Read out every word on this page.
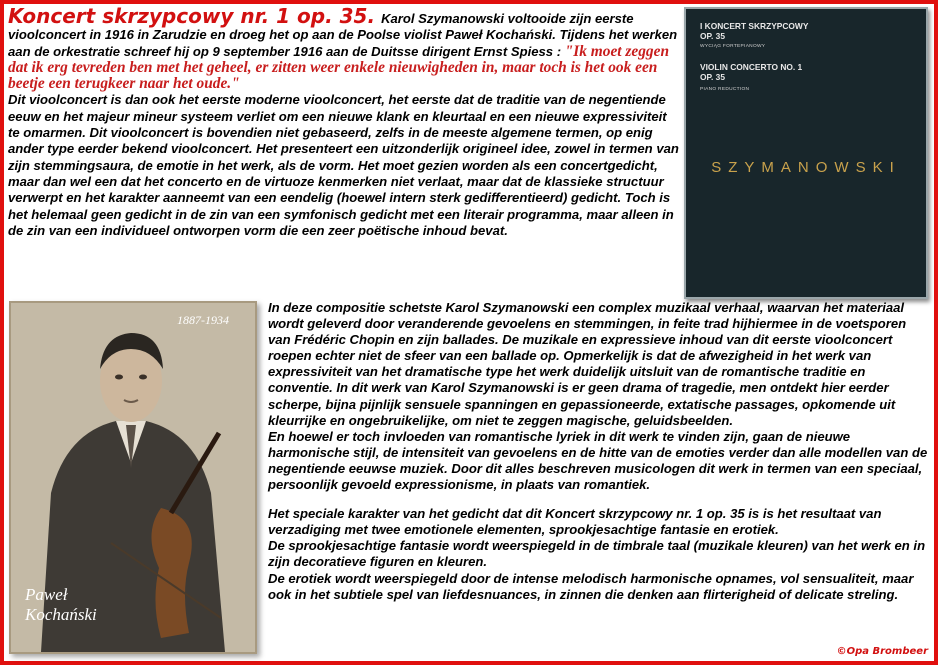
Koncert skrzypcowy nr. 1 op. 35. Karol Szymanowski voltooide zijn eerste vioolconcert in 1916 in Zarudzie en droeg het op aan de Poolse violist Paweł Kochański. Tijdens het werken aan de orkestratie schreef hij op 9 september 1916 aan de Duitsse dirigent Ernst Spiess : "Ik moet zeggen dat ik erg tevreden ben met het geheel, er zitten weer enkele nieuwigheden in, maar toch is het ook een beetje een terugkeer naar het oude."
Dit vioolconcert is dan ook het eerste moderne vioolconcert, het eerste dat de traditie van de negentiende eeuw en het majeur mineur systeem verliet om een nieuwe klank en kleurtaal en een nieuwe expressiviteit te omarmen. Dit vioolconcert is bovendien niet gebaseerd, zelfs in de meeste algemene termen, op enig ander type eerder bekend vioolconcert. Het presenteert een uitzonderlijk origineel idee, zowel in termen van zijn stemmingsaura, de emotie in het werk, als de vorm. Het moet gezien worden als een concertgedicht, maar dan wel een dat het concerto en de virtuoze kenmerken niet verlaat, maar dat de klassieke structuur verwerpt en het karakter aanneemt van een eendelig (hoewel intern sterk gedifferentieerd) gedicht. Toch is het helemaal geen gedicht in de zin van een symfonisch gedicht met een literair programma, maar alleen in de zin van een individueel ontworpen vorm die een zeer poëtische inhoud bevat.

I KONCERT SKRZYPCOWY
OP. 35
WYCIĄG FORTEPIANOWY
VIOLIN CONCERTO NO. 1
OP. 35
PIANO REDUCTION
SZYMANOWSKI
1887-1934
Paweł
Kochański

In deze compositie schetste Karol Szymanowski een complex muzikaal verhaal, waarvan het materiaal wordt geleverd door veranderende gevoelens en stemmingen, in feite trad hijhiermee in de voetsporen van Frédéric Chopin en zijn ballades. De muzikale en expressieve inhoud van dit eerste vioolconcert roepen echter niet de sfeer van een ballade op. Opmerkelijk is dat de afwezigheid in het werk van expressiviteit van het dramatische type het werk duidelijk uitsluit van de romantische traditie en conventie. In dit werk van Karol Szymanowski is er geen drama of tragedie, men ontdekt hier eerder scherpe, bijna pijnlijk sensuele spanningen en gepassioneerde, extatische passages, opkomende uit kleurrijke en ongebruikelijke, om niet te zeggen magische, geluidsbeelden.

En hoewel er toch invloeden van romantische lyriek in dit werk te vinden zijn, gaan de nieuwe harmonische stijl, de intensiteit van gevoelens en de hitte van de emoties verder dan alle modellen van de negentiende eeuwse muziek. Door dit alles beschreven musicologen dit werk in termen van een speciaal, persoonlijk gevoeld expressionisme, in plaats van romantiek.

Het speciale karakter van het gedicht dat dit Koncert skrzypcowy nr. 1 op. 35 is is het resultaat van verzadiging met twee emotionele elementen, sprookjesachtige fantasie en erotiek.

De sprookjesachtige fantasie wordt weerspiegeld in de timbrale taal (muzikale kleuren) van het werk en in zijn decoratieve figuren en kleuren.

De erotiek wordt weerspiegeld door de intense melodisch harmonische opnames, vol sensualiteit, maar ook in het subtiele spel van liefdesnuances, in zinnen die denken aan flirterigheid of delicate streling.

©Opa Brombeer
